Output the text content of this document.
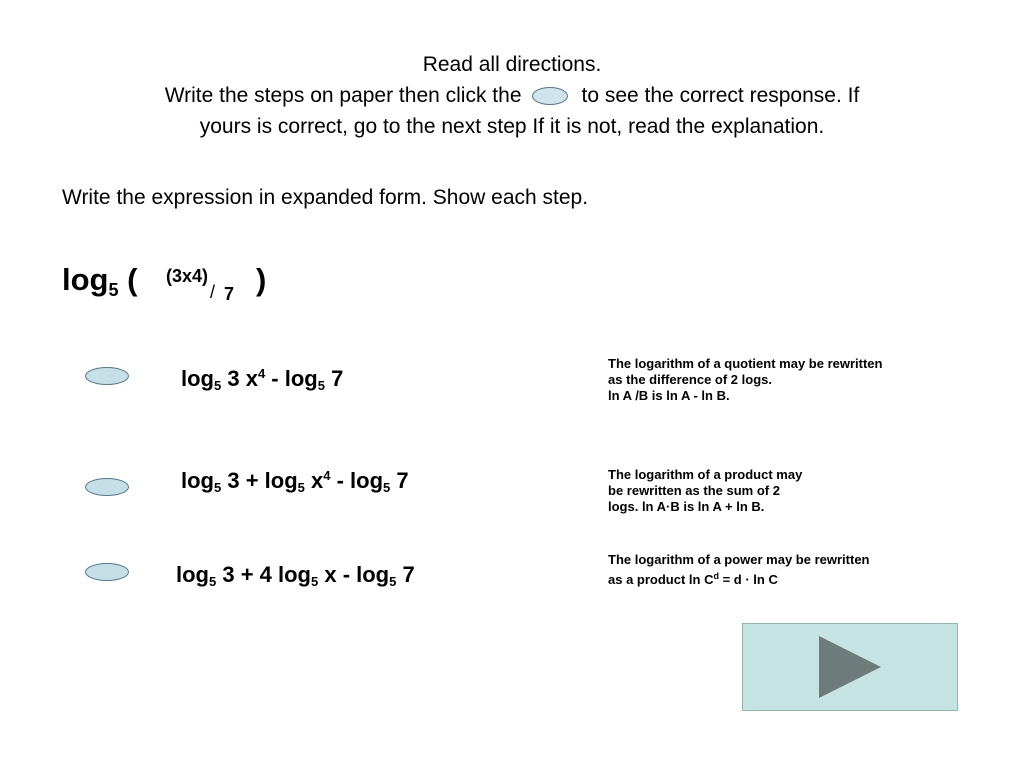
Read all directions.
Write the steps on paper then click the	to see the correct response. If
yours is correct, go to the next step If it is not, read the explanation.
Write the expression in expanded form. Show each step.
$\log_5$ ( (3x4)
/ 7 )
$\log_5 3$ $x^4 - \log_5 7$
The logarithm of a quotient may be rewritten
as the difference of 2 logs.
ln A /B is ln A - ln B.
$\log_5 3 + \log_5 x^4 - \log_5 7$	The logarithm of a product may
be rewritten as the sum of 2
logs. ln A·B is ln A + ln B.
$\log_5 3 + 4$ $\log_5 x - \log_5 7$
The logarithm of a power may be rewritten
as a product $\ln C^d = d \cdot \ln C$
